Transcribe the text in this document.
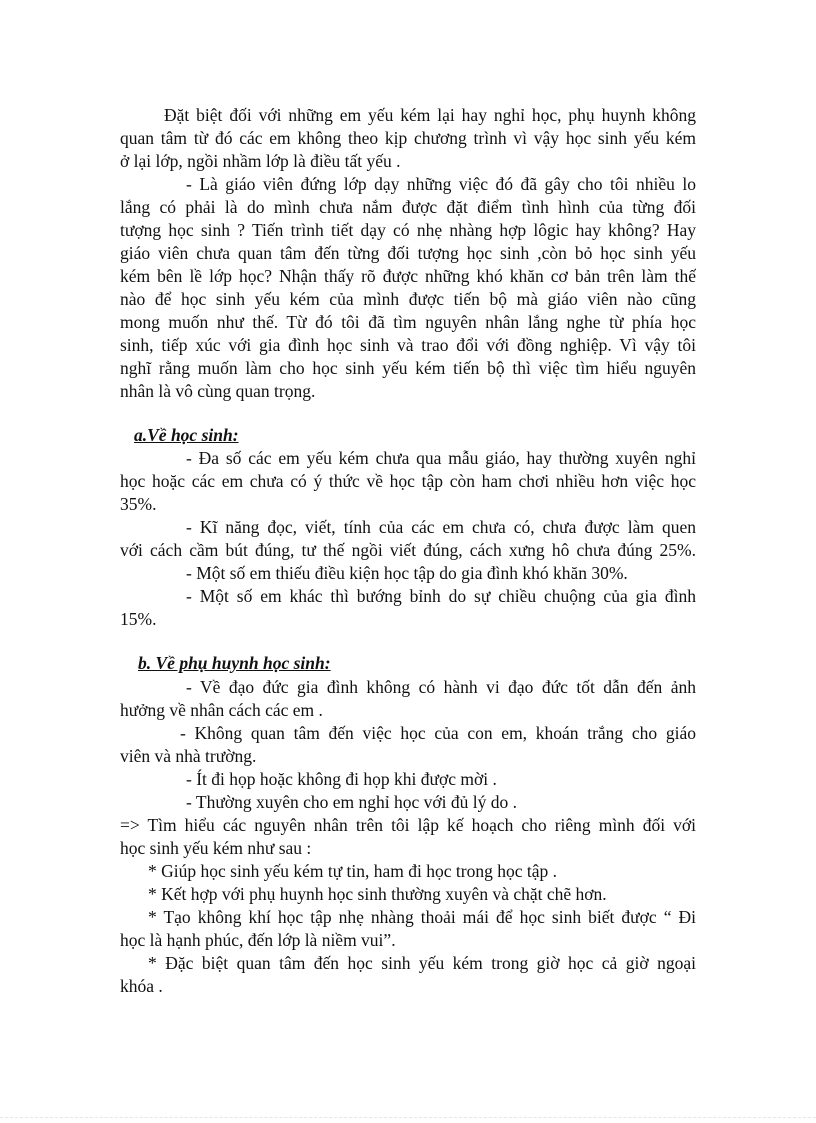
Đặt biệt đối với những em yếu kém lại hay nghỉ học, phụ huynh không
quan tâm từ đó các em không theo kịp chương trình vì vậy học sinh yếu kém
ở lại lớp, ngồi nhầm lớp là điều tất yếu .
- Là giáo viên đứng lớp dạy những việc đó đã gây cho tôi nhiều lo
lắng có phải là do mình chưa nắm được đặt điểm tình hình của từng đối
tượng học sinh ? Tiến trình tiết dạy có nhẹ nhàng hợp lôgic hay không? Hay
giáo viên chưa quan tâm đến từng đối tượng học sinh ,còn bỏ học sinh yếu
kém bên lề lớp học? Nhận thấy rõ được những khó khăn cơ bản trên làm thế
nào để học sinh yếu kém của mình được tiến bộ mà giáo viên nào cũng
mong muốn như thế. Từ đó tôi đã tìm nguyên nhân lắng nghe từ phía học
sinh, tiếp xúc với gia đình học sinh và trao đổi với đồng nghiệp. Vì vậy tôi
nghĩ rằng muốn làm cho học sinh yếu kém tiến bộ thì việc tìm hiểu nguyên
nhân là vô cùng quan trọng.
a.Về học sinh:
- Đa số các em yếu kém chưa qua mẫu giáo, hay thường xuyên nghỉ
học hoặc các em chưa có ý thức về học tập còn ham chơi nhiều hơn việc học
35%.
- Kĩ năng đọc, viết, tính của các em chưa có, chưa được làm quen
với cách cầm bút đúng, tư thế ngồi viết đúng, cách xưng hô chưa đúng 25%.
- Một số em thiếu điều kiện học tập do gia đình khó khăn 30%.
- Một số em khác thì bướng bỉnh do sự chiều chuộng của gia đình
15%.
b. Về phụ huynh học sinh:
- Về đạo đức gia đình không có hành vi đạo đức tốt dẫn đến ảnh
hưởng về nhân cách các em .
- Không quan tâm đến việc học của con em, khoán trắng cho giáo
viên và nhà trường.
- Ít đi họp hoặc không đi họp khi được mời .
- Thường xuyên cho em nghỉ học với đủ lý do .
=> Tìm hiểu các nguyên nhân trên tôi lập kế hoạch cho riêng mình đối với
học sinh yếu kém như sau :
* Giúp học sinh yếu kém tự tin, ham đi học trong học tập .
* Kết hợp với phụ huynh học sinh thường xuyên và chặt chẽ hơn.
* Tạo không khí học tập nhẹ nhàng thoải mái để học sinh biết được “ Đi
học là hạnh phúc, đến lớp là niềm vui”.
* Đặc biệt quan tâm đến học sinh yếu kém trong giờ học cả giờ ngoại
khóa .
